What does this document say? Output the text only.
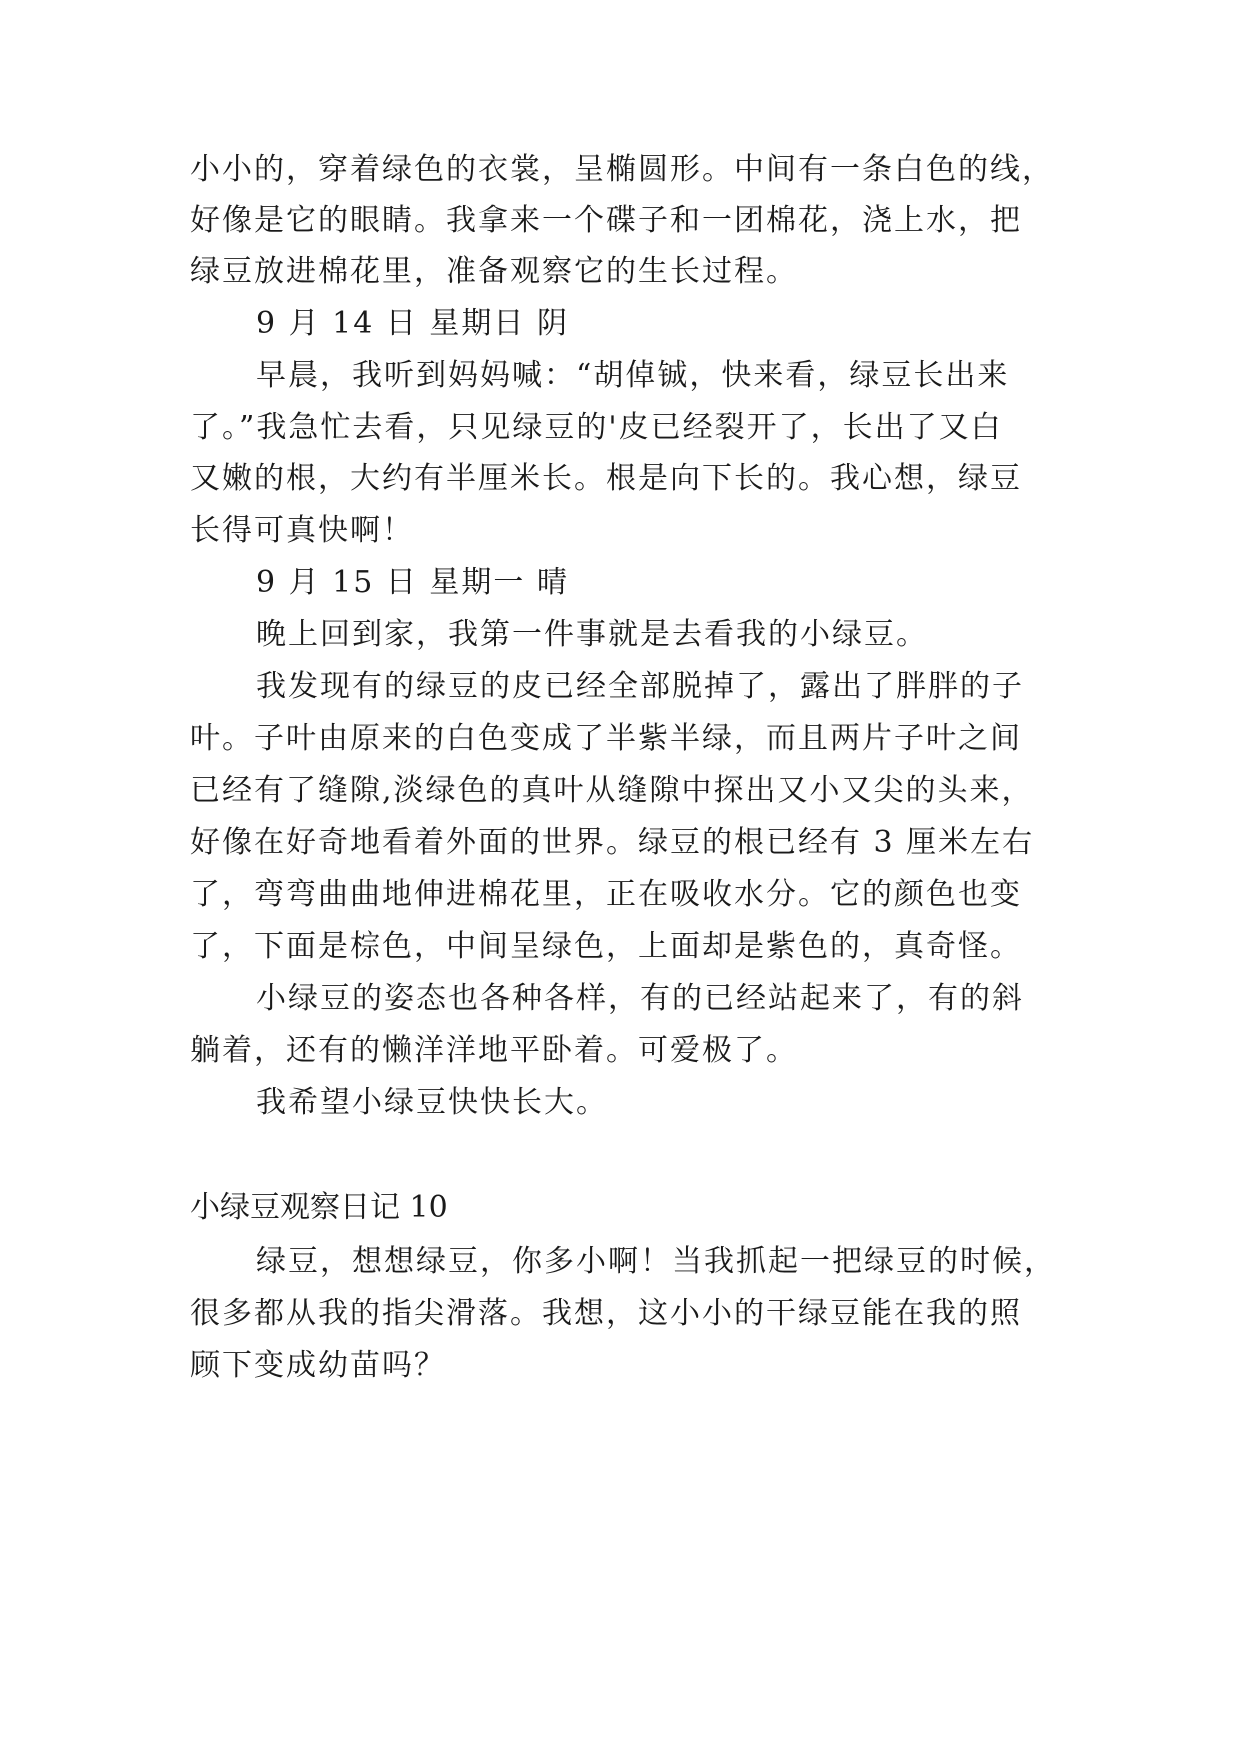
小小的，穿着绿色的衣裳，呈椭圆形。中间有一条白色的线，
好像是它的眼睛。我拿来一个碟子和一团棉花，浇上水，把
绿豆放进棉花里，准备观察它的生长过程。
9 月 14 日 星期日 阴
早晨，我听到妈妈喊：“胡倬铖，快来看，绿豆长出来
了。”我急忙去看，只见绿豆的'皮已经裂开了，长出了又白
又嫩的根，大约有半厘米长。根是向下长的。我心想，绿豆
长得可真快啊！
9 月 15 日 星期一 晴
晚上回到家，我第一件事就是去看我的小绿豆。
我发现有的绿豆的皮已经全部脱掉了，露出了胖胖的子
叶。子叶由原来的白色变成了半紫半绿，而且两片子叶之间
已经有了缝隙,淡绿色的真叶从缝隙中探出又小又尖的头来，
好像在好奇地看着外面的世界。绿豆的根已经有 3 厘米左右
了，弯弯曲曲地伸进棉花里，正在吸收水分。它的颜色也变
了，下面是棕色，中间呈绿色，上面却是紫色的，真奇怪。
小绿豆的姿态也各种各样，有的已经站起来了，有的斜
躺着，还有的懒洋洋地平卧着。可爱极了。
我希望小绿豆快快长大。
小绿豆观察日记 10
绿豆，想想绿豆，你多小啊！当我抓起一把绿豆的时候，
很多都从我的指尖滑落。我想，这小小的干绿豆能在我的照
顾下变成幼苗吗？
